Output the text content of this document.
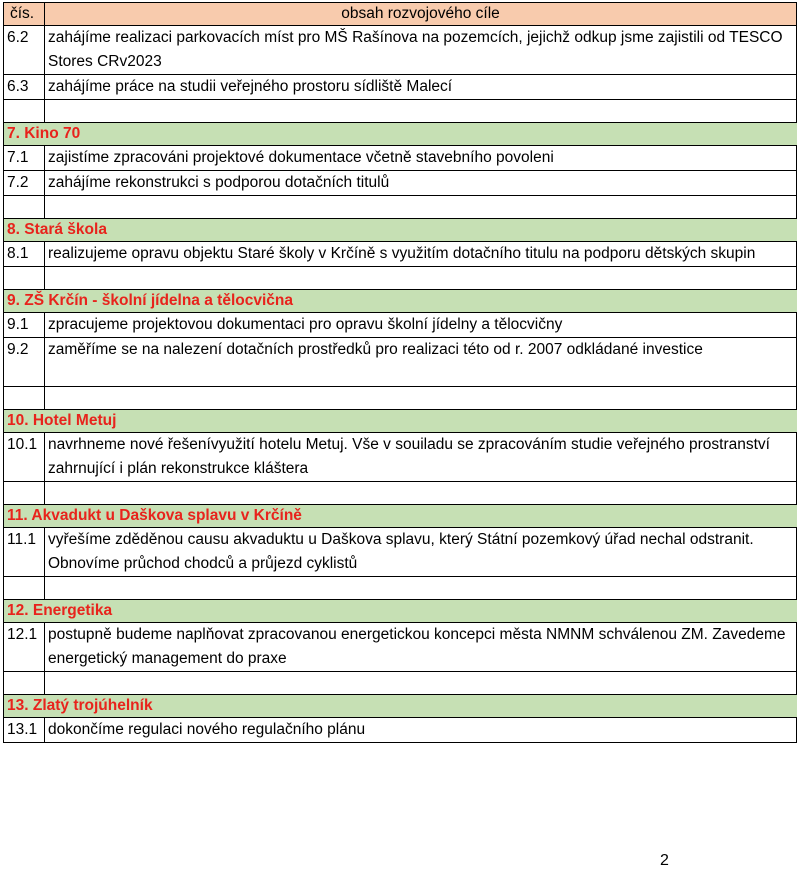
čís.	obsah rozvojového cíle
6.2	zahájíme realizaci parkovacích míst pro MŠ Rašínova na pozemcích, jejichž odkup jsme zajistili od TESCO Stores CRv2023
6.3	zahájíme práce na studii veřejného prostoru sídliště Malecí

7. Kino 70	
7.1	zajistíme zpracováni projektové dokumentace včetně stavebního povoleni
7.2	zahájíme rekonstrukci s podporou dotačních titulů

8. Stará škola	
8.1	realizujeme opravu objektu Staré školy v Krčíně s využitím dotačního titulu na podporu dětských skupin

9. ZŠ Krčín - školní jídelna a tělocvična	
9.1	zpracujeme projektovou dokumentaci pro opravu školní jídelny a tělocvičny
9.2	zaměříme se na nalezení dotačních prostředků pro realizaci této od r. 2007 odkládané investice

10. Hotel Metuj	
10.1	navrhneme nové řešenívyužití hotelu Metuj. Vše v souiladu se zpracováním studie veřejného prostranství zahrnující i plán rekonstrukce kláštera

11. Akvadukt u Daškova splavu v Krčíně	
11.1	vyřešíme zděděnou causu akvaduktu u Daškova splavu, který Státní pozemkový úřad nechal odstranit. Obnovíme průchod chodců a průjezd cyklistů

12. Energetika	
12.1	postupně budeme naplňovat zpracovanou energetickou koncepci města NMNM schválenou ZM. Zavedeme energetický management do praxe

13. Zlatý trojúhelník	
13.1	dokončíme regulaci nového regulačního plánu
2
